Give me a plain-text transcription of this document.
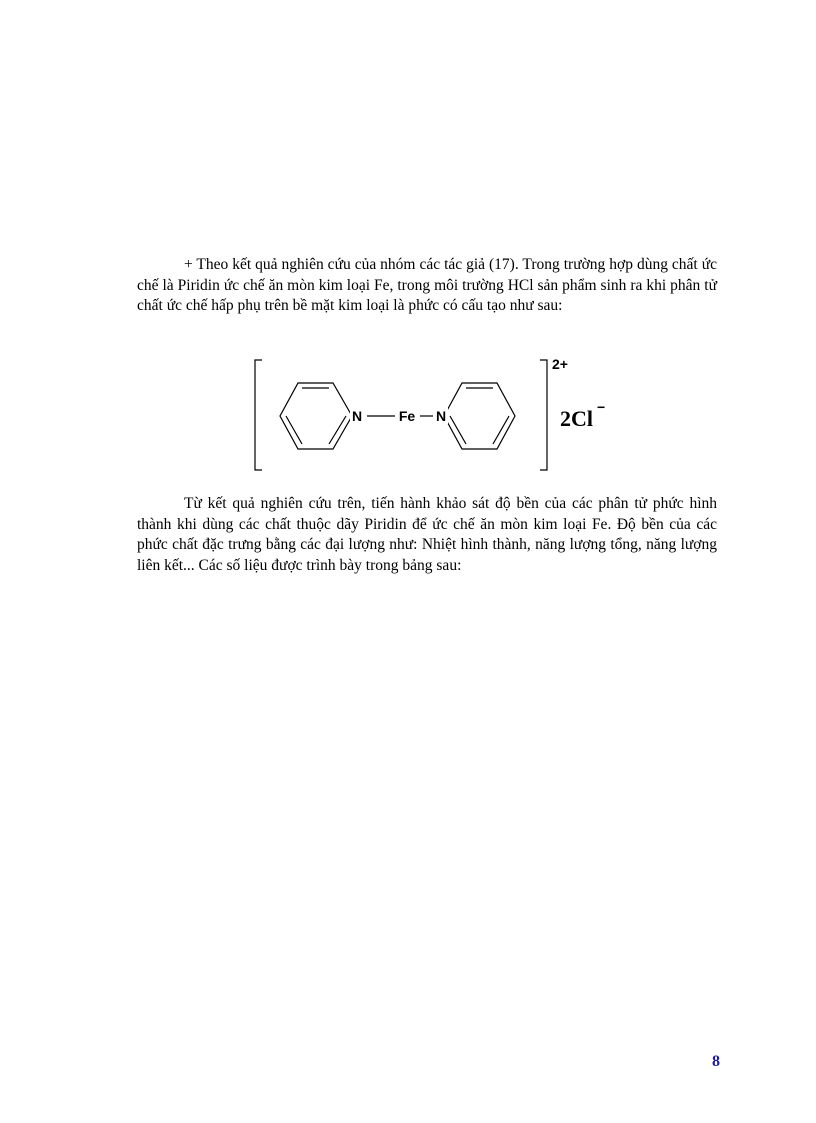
+ Theo kết quả nghiên cứu của nhóm các tác giả (17). Trong trường hợp dùng chất ức chế là Piridin ức chế ăn mòn kim loại Fe, trong môi trường HCl sản phẩm sinh ra khi phân tử chất ức chế hấp phụ trên bề mặt kim loại là phức có cấu tạo như sau:

N	Fe N
2+
2Cl −

Từ kết quả nghiên cứu trên, tiến hành khảo sát độ bền của các phân tử phức hình thành khi dùng các chất thuộc dãy Piridin để ức chế ăn mòn kim loại Fe. Độ bền của các phức chất đặc trưng bằng các đại lượng như: Nhiệt hình thành, năng lượng tổng, năng lượng liên kết... Các số liệu được trình bày trong bảng sau:

8
